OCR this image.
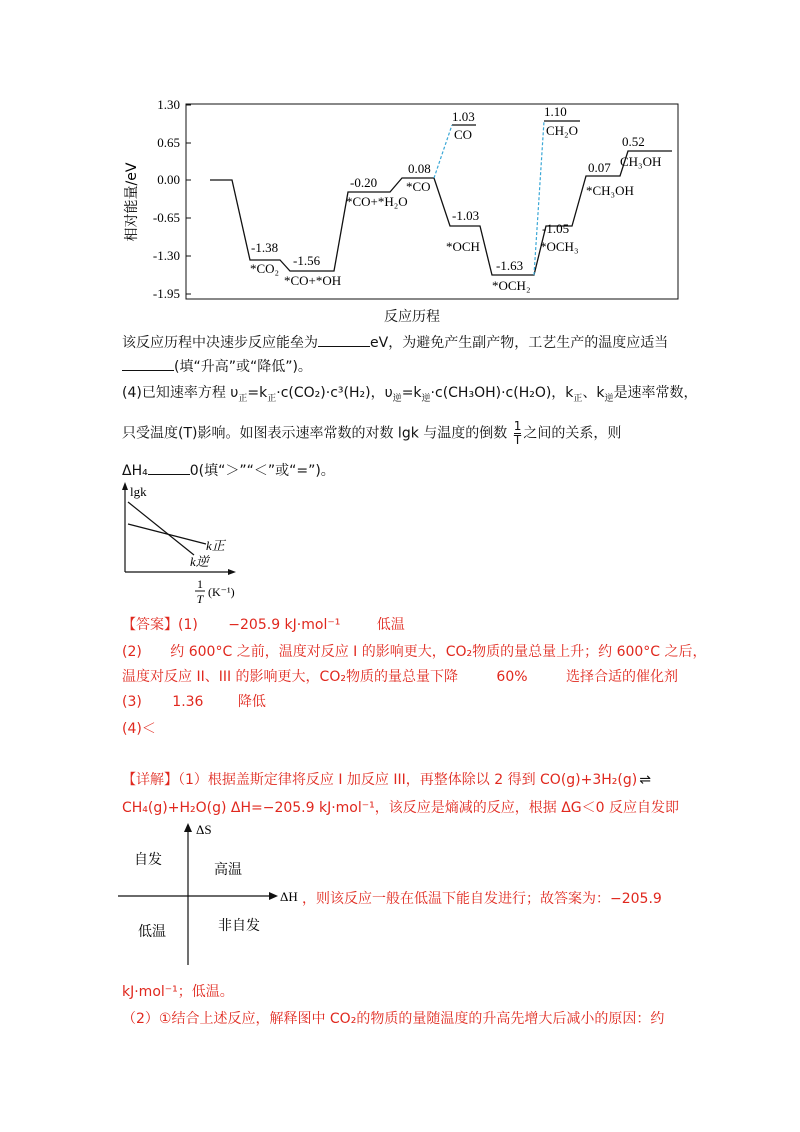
1.30
0.65
0.00
-0.65
-1.30
-1.95
相对能量/eV
-1.38
-1.56
-0.20
0.08
1.03
-1.03
-1.63
1.10
-1.05
0.07
0.52
*CO₂
*CO+*OH
*CO+*H₂O
*CO
CO
*OCH
*OCH₂
CH₂O
*OCH₃
*CH₃OH
CH₃OH
反应历程
该反应历程中决速步反应能垒为	eV，为避免产生副产物，工艺生产的温度应适当
(填“升高”或“降低”)。
(4)已知速率方程 $\upsilon_正=k_正\cdot c(CO_2)\cdot c^3(H_2)$，$\upsilon_逆=k_逆\cdot c(CH_3OH)\cdot c(H_2O)$，$k_正$、$k_逆$是速率常数，
只受温度(T)影响。如图表示速率常数的对数 lgk 与温度的倒数 $\frac{1}{T}$ 之间的关系，则
ΔH₄	0(填“＞”“＜”或“=”)。
lgk
k正
k逆
1
T (K⁻¹)
【答案】(1) −205.9 kJ·mol⁻¹	低温
(2) 约 600°C 之前，温度对反应 I 的影响更大，CO₂物质的量总量上升；约 600°C 之后，
温度对反应 II、III 的影响更大，CO₂物质的量总量下降	60%	选择合适的催化剂
(3) 1.36 降低
(4)＜
【详解】（1）根据盖斯定律将反应 I 加反应 III，再整体除以 2 得到 CO(g)+3H₂(g) ⇌
CH₄(g)+H₂O(g) ΔH=−205.9 kJ·mol⁻¹，该反应是熵减的反应，根据 ΔG＜0 反应自发即
ΔS
ΔH
自发
高温
低温	非自发
，则该反应一般在低温下能自发进行；故答案为：−205.9
kJ·mol⁻¹；低温。
（2）①结合上述反应，解释图中 CO₂的物质的量随温度的升高先增大后减小的原因：约
